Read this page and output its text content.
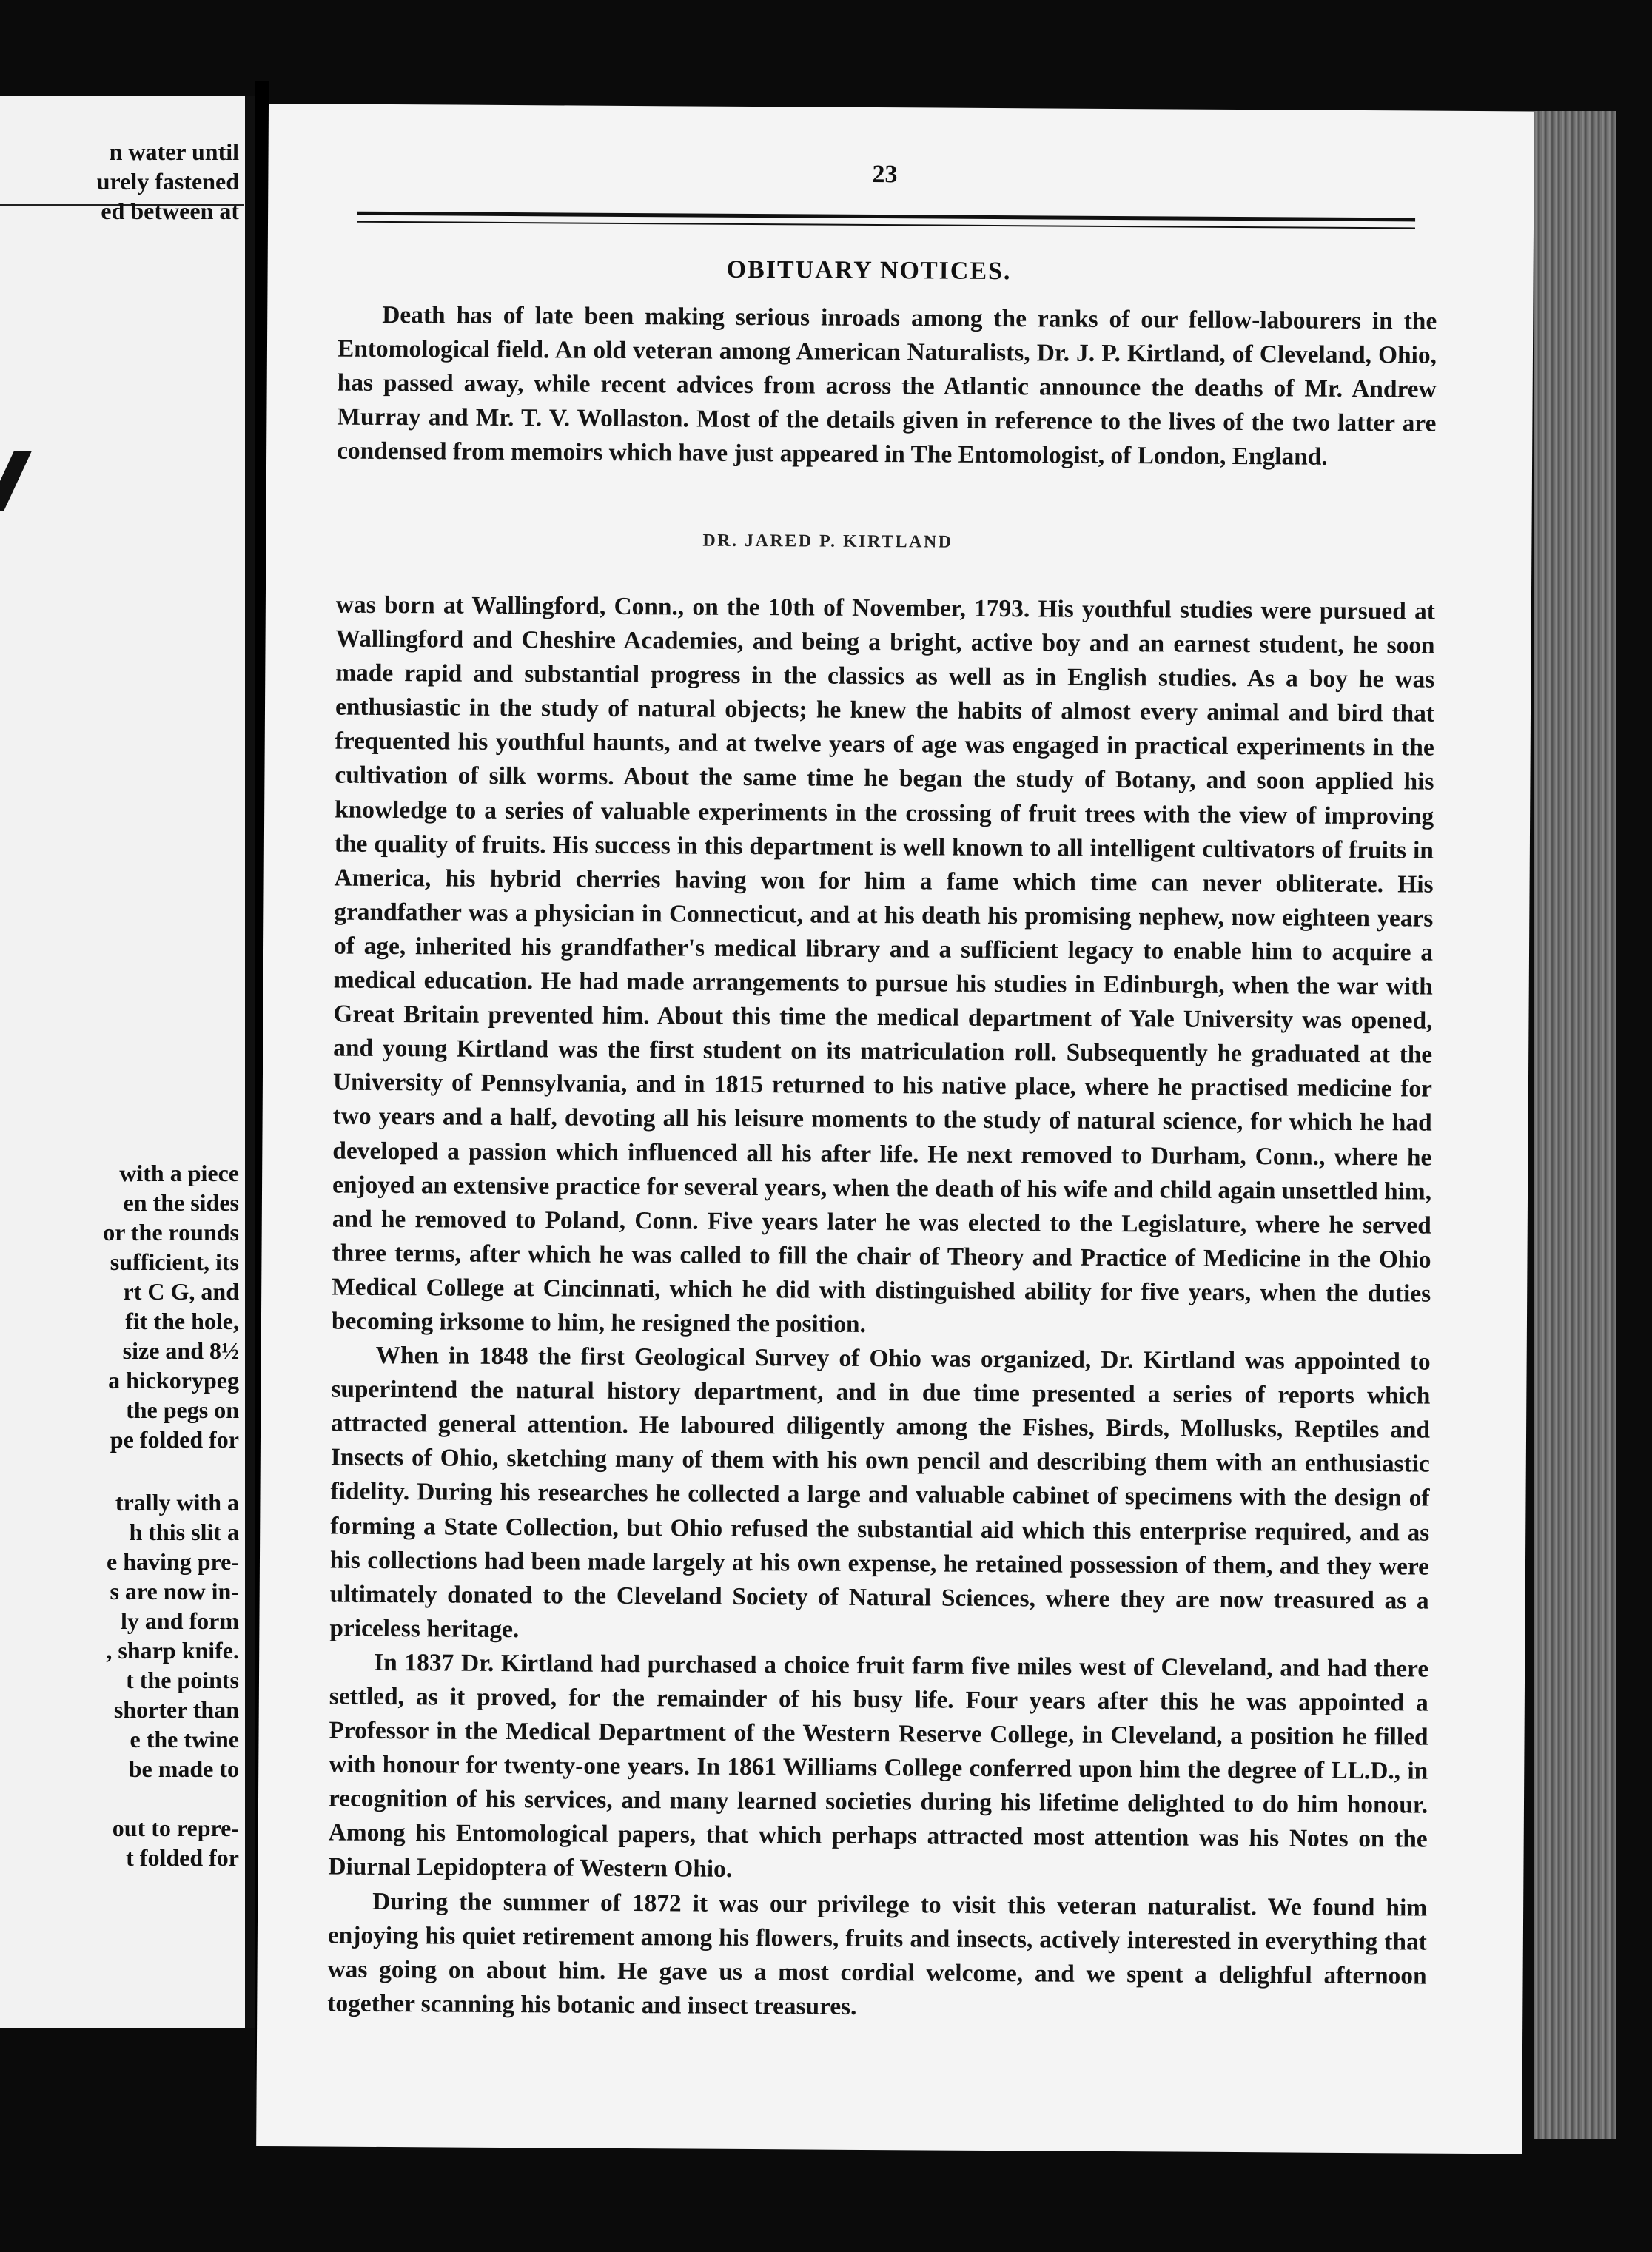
n water until
urely fastened
ed between at
with a piece
en the sides
or the rounds
sufficient, its
rt C G, and
fit the hole,
size and 8½
a hickorypeg
the pegs on
pe folded for
trally with a
h this slit a
e having pre-
s are now in-
ly and form
, sharp knife.
t the points
shorter than
e the twine
be made to
out to repre-
t folded for
23
OBITUARY NOTICES.

Death has of late been making serious inroads among the ranks of our fellow-labourers in the Entomological field. An old veteran among American Naturalists, Dr. J. P. Kirtland, of Cleveland, Ohio, has passed away, while recent advices from across the Atlantic announce the deaths of Mr. Andrew Murray and Mr. T. V. Wollaston. Most of the details given in reference to the lives of the two latter are condensed from memoirs which have just appeared in The Entomologist, of London, England.

DR. JARED P. KIRTLAND

was born at Wallingford, Conn., on the 10th of November, 1793. His youthful studies were pursued at Wallingford and Cheshire Academies, and being a bright, active boy and an earnest student, he soon made rapid and substantial progress in the classics as well as in English studies. As a boy he was enthusiastic in the study of natural objects; he knew the habits of almost every animal and bird that frequented his youthful haunts, and at twelve years of age was engaged in practical experiments in the cultivation of silk worms. About the same time he began the study of Botany, and soon applied his knowledge to a series of valuable experiments in the crossing of fruit trees with the view of improving the quality of fruits. His success in this department is well known to all intelligent cultivators of fruits in America, his hybrid cherries having won for him a fame which time can never obliterate. His grandfather was a physician in Connecticut, and at his death his promising nephew, now eighteen years of age, inherited his grandfather's medical library and a sufficient legacy to enable him to acquire a medical education. He had made arrangements to pursue his studies in Edinburgh, when the war with Great Britain prevented him. About this time the medical department of Yale University was opened, and young Kirtland was the first student on its matriculation roll. Subsequently he graduated at the University of Pennsylvania, and in 1815 returned to his native place, where he practised medicine for two years and a half, devoting all his leisure moments to the study of natural science, for which he had developed a passion which influenced all his after life. He next removed to Durham, Conn., where he enjoyed an extensive practice for several years, when the death of his wife and child again unsettled him, and he removed to Poland, Conn. Five years later he was elected to the Legislature, where he served three terms, after which he was called to fill the chair of Theory and Practice of Medicine in the Ohio Medical College at Cincinnati, which he did with distinguished ability for five years, when the duties becoming irksome to him, he resigned the position.

When in 1848 the first Geological Survey of Ohio was organized, Dr. Kirtland was appointed to superintend the natural history department, and in due time presented a series of reports which attracted general attention. He laboured diligently among the Fishes, Birds, Mollusks, Reptiles and Insects of Ohio, sketching many of them with his own pencil and describing them with an enthusiastic fidelity. During his researches he collected a large and valuable cabinet of specimens with the design of forming a State Collection, but Ohio refused the substantial aid which this enterprise required, and as his collections had been made largely at his own expense, he retained possession of them, and they were ultimately donated to the Cleveland Society of Natural Sciences, where they are now treasured as a priceless heritage.

In 1837 Dr. Kirtland had purchased a choice fruit farm five miles west of Cleveland, and had there settled, as it proved, for the remainder of his busy life. Four years after this he was appointed a Professor in the Medical Department of the Western Reserve College, in Cleveland, a position he filled with honour for twenty-one years. In 1861 Williams College conferred upon him the degree of LL.D., in recognition of his services, and many learned societies during his lifetime delighted to do him honour. Among his Entomological papers, that which perhaps attracted most attention was his Notes on the Diurnal Lepidoptera of Western Ohio.

During the summer of 1872 it was our privilege to visit this veteran naturalist. We found him enjoying his quiet retirement among his flowers, fruits and insects, actively interested in everything that was going on about him. He gave us a most cordial welcome, and we spent a delighful afternoon together scanning his botanic and insect treasures.
